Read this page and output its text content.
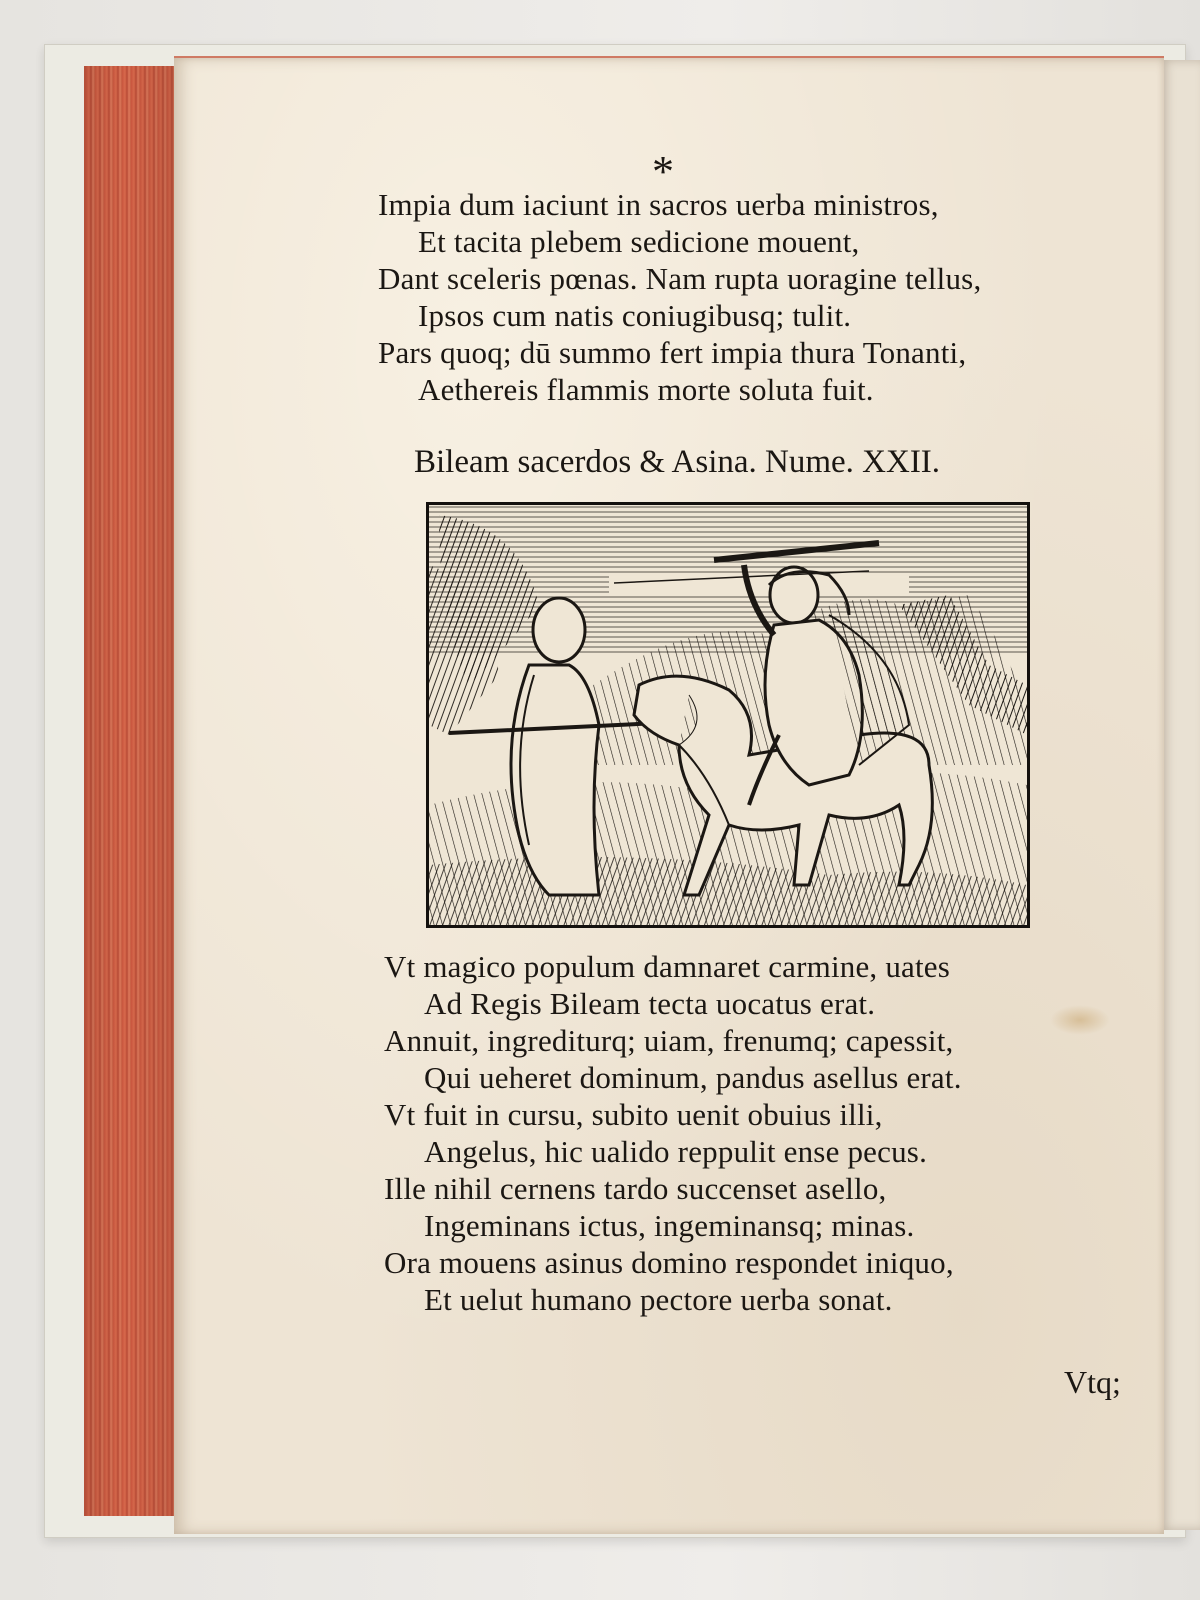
*
Impia dum iaciunt in sacros uerba ministros,
Et tacita plebem sedicione mouent,
Dant sceleris pœnas. Nam rupta uoragine tellus,
Ipsos cum natis coniugibusq; tulit.
Pars quoq; dū summo fert impia thura Tonanti,
Aethereis flammis morte soluta fuit.
Bileam sacerdos & Asina. Nume. XXII.
Vt magico populum damnaret carmine, uates
Ad Regis Bileam tecta uocatus erat.
Annuit, ingrediturq; uiam, frenumq; capessit,
Qui ueheret dominum, pandus asellus erat.
Vt fuit in cursu, subito uenit obuius illi,
Angelus, hic ualido reppulit ense pecus.
Ille nihil cernens tardo succenset asello,
Ingeminans ictus, ingeminansq; minas.
Ora mouens asinus domino respondet iniquo,
Et uelut humano pectore uerba sonat.
Vtq;
